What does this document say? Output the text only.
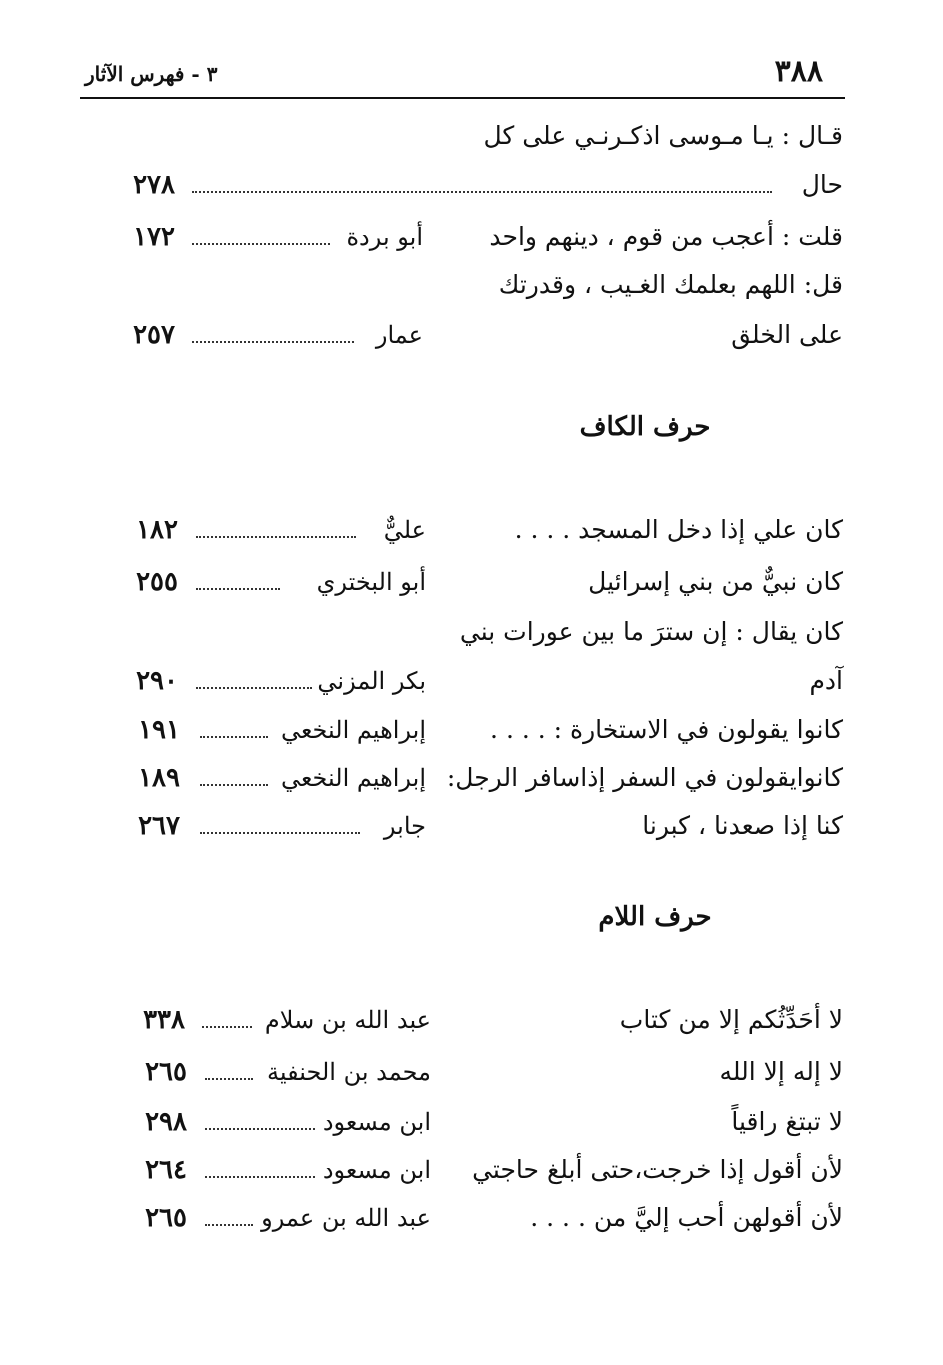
٣٨٨
٣ - فهرس الآثار
قـال : يـا مـوسى اذكـرنـي على كل
حال
٢٧٨
قلت : أعجب من قوم ، دينهم واحد
أبو بردة
١٧٢
قل: اللهم بعلمك الغـيب ، وقدرتك
على الخلق
عمار
٢٥٧
حرف الكاف
كان علي إذا دخل المسجد . . . .
عليٌّ
١٨٢
كان نبيٌّ من بني إسرائيل
أبو البختري
٢٥٥
كان يقال : إن سترَ ما بين عورات بني
آدم
بكر المزني
٢٩٠
كانوا يقولون في الاستخارة : . . . .
إبراهيم النخعي
١٩١
كانوايقولون في السفر إذاسافر الرجل:
إبراهيم النخعي
١٨٩
كنا إذا صعدنا ، كبرنا
جابر
٢٦٧
حرف اللام
لا أحَدِّثُكم إلا من كتاب
عبد الله بن سلام
٣٣٨
لا إله إلا الله
محمد بن الحنفية
٢٦٥
لا تبتغ راقياً
ابن مسعود
٢٩٨
لأن أقول إذا خرجت،حتى أبلغ حاجتي
ابن مسعود
٢٦٤
لأن أقولهن أحب إليَّ من . . . .
عبد الله بن عمرو
٢٦٥
